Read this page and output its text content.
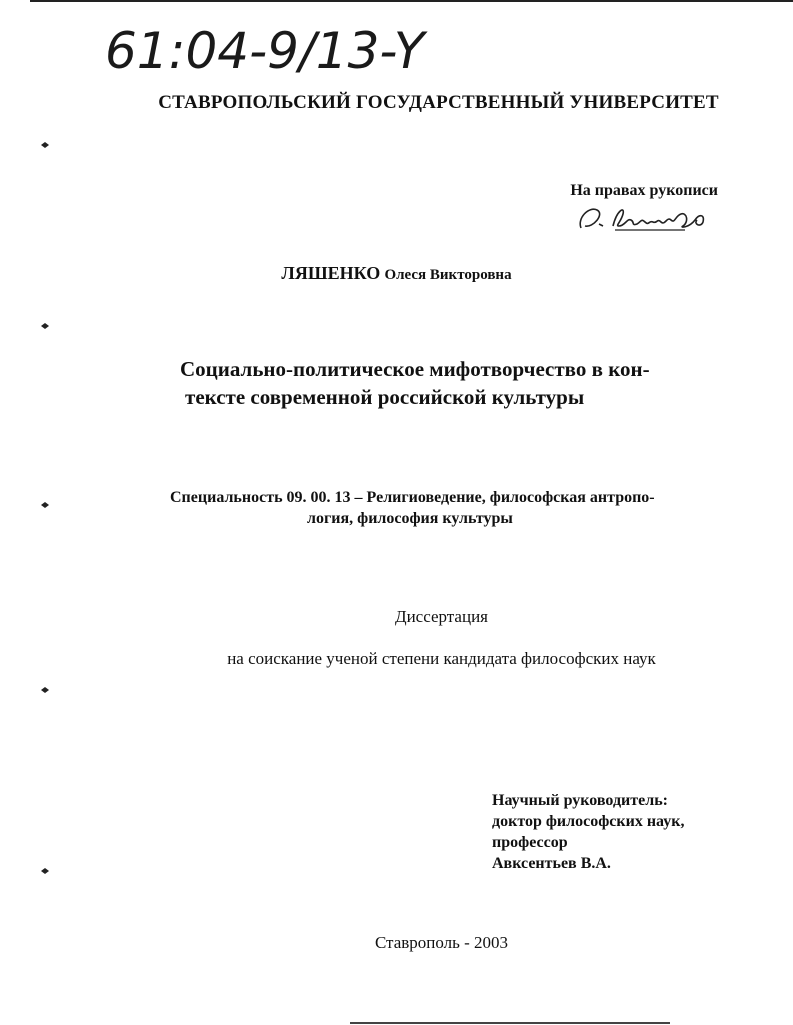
61:04-9/13-Y
СТАВРОПОЛЬСКИЙ ГОСУДАРСТВЕННЫЙ УНИВЕРСИТЕТ
На правах рукописи
ЛЯШЕНКО Олеся Викторовна
Социально-политическое мифотворчество в кон-
тексте современной российской культуры
Специальность 09. 00. 13 – Религиоведение, философская антропо-
логия, философия культуры
Диссертация
на соискание ученой степени кандидата философских наук
Научный руководитель:
доктор философских наук,
профессор
Авксентьев В.А.
Ставрополь - 2003
